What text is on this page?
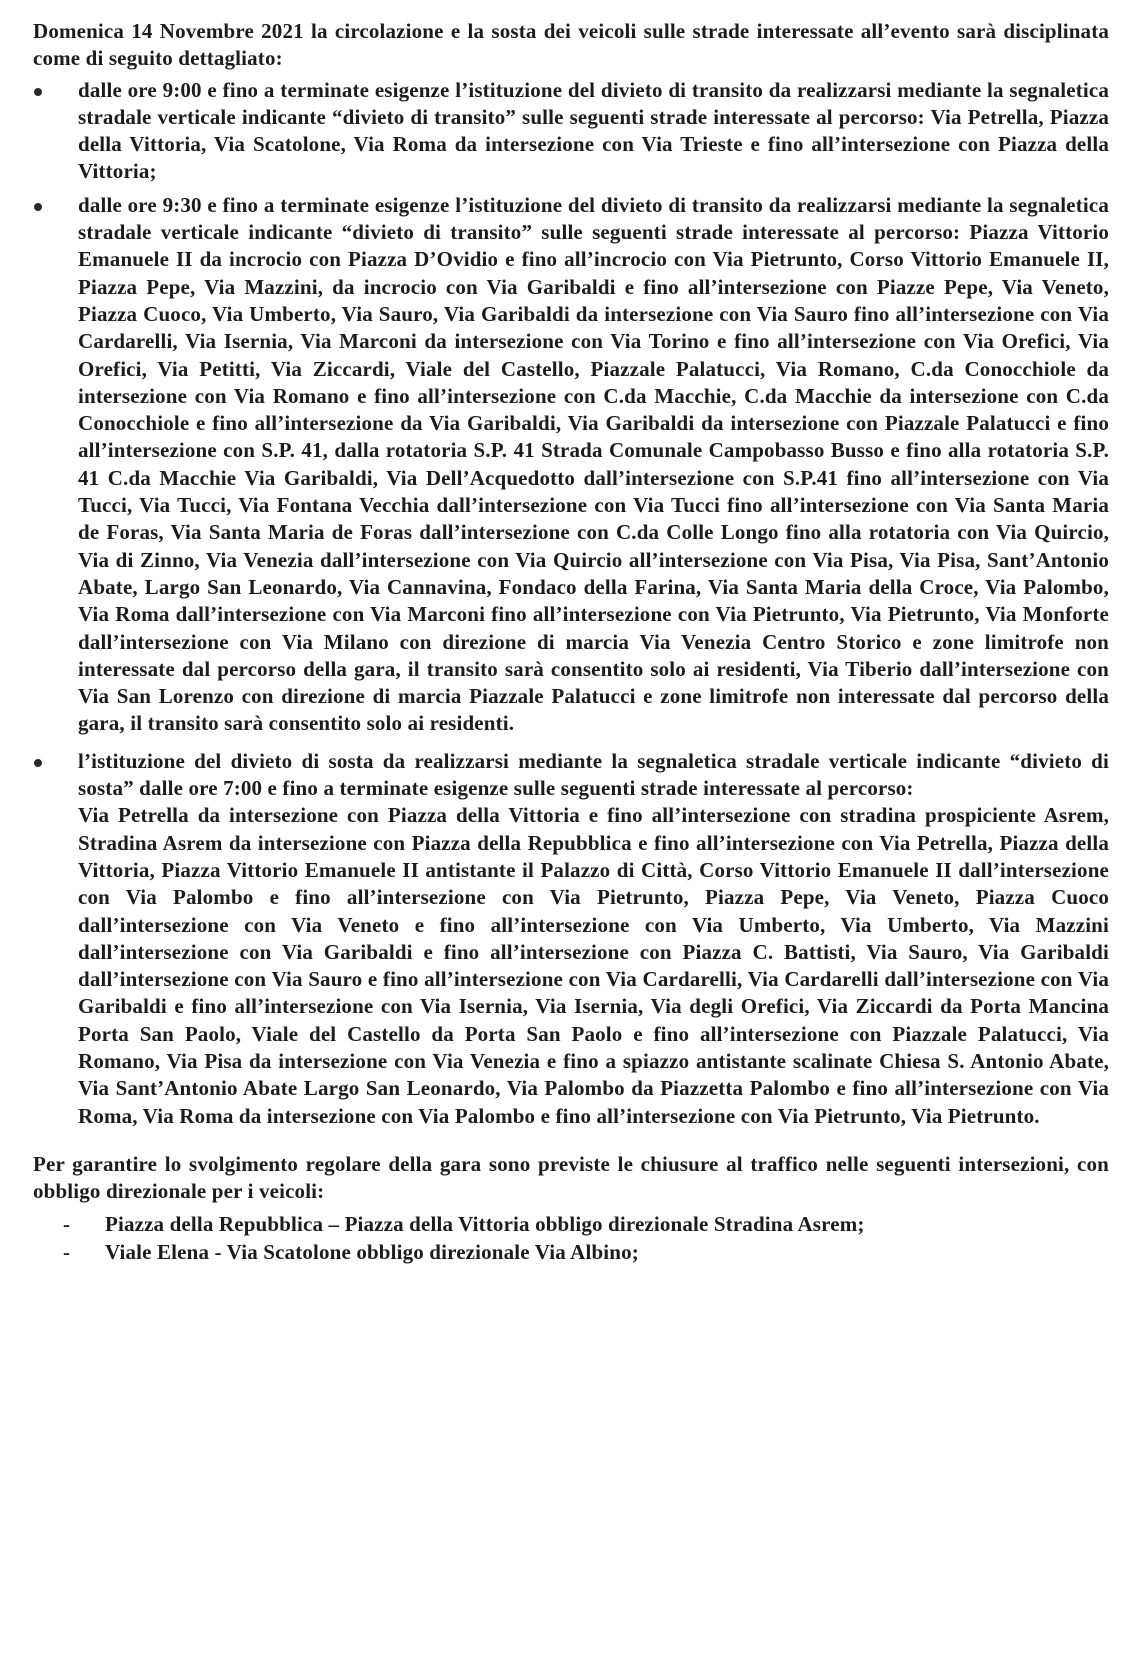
Domenica 14 Novembre 2021 la circolazione e la sosta dei veicoli sulle strade interessate all’evento sarà disciplinata come di seguito dettagliato:

dalle ore 9:00 e fino a terminate esigenze l’istituzione del divieto di transito da realizzarsi mediante la segnaletica stradale verticale indicante “divieto di transito” sulle seguenti strade interessate al percorso: Via Petrella, Piazza della Vittoria, Via Scatolone, Via Roma da intersezione con Via Trieste e fino all’intersezione con Piazza della Vittoria;
dalle ore 9:30 e fino a terminate esigenze l’istituzione del divieto di transito da realizzarsi mediante la segnaletica stradale verticale indicante “divieto di transito” sulle seguenti strade interessate al percorso: Piazza Vittorio Emanuele II da incrocio con Piazza D’Ovidio e fino all’incrocio con Via Pietrunto, Corso Vittorio Emanuele II, Piazza Pepe, Via Mazzini, da incrocio con Via Garibaldi e fino all’intersezione con Piazze Pepe, Via Veneto, Piazza Cuoco, Via Umberto, Via Sauro, Via Garibaldi da intersezione con Via Sauro fino all’intersezione con Via Cardarelli, Via Isernia, Via Marconi da intersezione con Via Torino e fino all’intersezione con Via Orefici, Via Orefici, Via Petitti, Via Ziccardi, Viale del Castello, Piazzale Palatucci, Via Romano, C.da Conocchiole da intersezione con Via Romano e fino all’intersezione con C.da Macchie, C.da Macchie da intersezione con C.da Conocchiole e fino all’intersezione da Via Garibaldi, Via Garibaldi da intersezione con Piazzale Palatucci e fino all’intersezione con S.P. 41, dalla rotatoria S.P. 41 Strada Comunale Campobasso Busso e fino alla rotatoria S.P. 41 C.da Macchie Via Garibaldi, Via Dell’Acquedotto dall’intersezione con S.P.41 fino all’intersezione con Via Tucci, Via Tucci, Via Fontana Vecchia dall’intersezione con Via Tucci fino all’intersezione con Via Santa Maria de Foras, Via Santa Maria de Foras dall’intersezione con C.da Colle Longo fino alla rotatoria con Via Quircio, Via di Zinno, Via Venezia dall’intersezione con Via Quircio all’intersezione con Via Pisa, Via Pisa, Sant’Antonio Abate, Largo San Leonardo, Via Cannavina, Fondaco della Farina, Via Santa Maria della Croce, Via Palombo, Via Roma dall’intersezione con Via Marconi fino all’intersezione con Via Pietrunto, Via Pietrunto, Via Monforte dall’intersezione con Via Milano con direzione di marcia Via Venezia Centro Storico e zone limitrofe non interessate dal percorso della gara, il transito sarà consentito solo ai residenti, Via Tiberio dall’intersezione con Via San Lorenzo con direzione di marcia Piazzale Palatucci e zone limitrofe non interessate dal percorso della gara, il transito sarà consentito solo ai residenti.
l’istituzione del divieto di sosta da realizzarsi mediante la segnaletica stradale verticale indicante “divieto di sosta” dalle ore 7:00 e fino a terminate esigenze sulle seguenti strade interessate al percorso:
Via Petrella da intersezione con Piazza della Vittoria e fino all’intersezione con stradina prospiciente Asrem, Stradina Asrem da intersezione con Piazza della Repubblica e fino all’intersezione con Via Petrella, Piazza della Vittoria, Piazza Vittorio Emanuele II antistante il Palazzo di Città, Corso Vittorio Emanuele II dall’intersezione con Via Palombo e fino all’intersezione con Via Pietrunto, Piazza Pepe, Via Veneto, Piazza Cuoco dall’intersezione con Via Veneto e fino all’intersezione con Via Umberto, Via Umberto, Via Mazzini dall’intersezione con Via Garibaldi e fino all’intersezione con Piazza C. Battisti, Via Sauro, Via Garibaldi dall’intersezione con Via Sauro e fino all’intersezione con Via Cardarelli, Via Cardarelli dall’intersezione con Via Garibaldi e fino all’intersezione con Via Isernia, Via Isernia, Via degli Orefici, Via Ziccardi da Porta Mancina Porta San Paolo, Viale del Castello da Porta San Paolo e fino all’intersezione con Piazzale Palatucci, Via Romano, Via Pisa da intersezione con Via Venezia e fino a spiazzo antistante scalinate Chiesa S. Antonio Abate, Via Sant’Antonio Abate Largo San Leonardo, Via Palombo da Piazzetta Palombo e fino all’intersezione con Via Roma, Via Roma da intersezione con Via Palombo e fino all’intersezione con Via Pietrunto, Via Pietrunto.

Per garantire lo svolgimento regolare della gara sono previste le chiusure al traffico nelle seguenti intersezioni, con obbligo direzionale per i veicoli:

- Piazza della Repubblica – Piazza della Vittoria obbligo direzionale Stradina Asrem;
- Viale Elena - Via Scatolone obbligo direzionale Via Albino;
